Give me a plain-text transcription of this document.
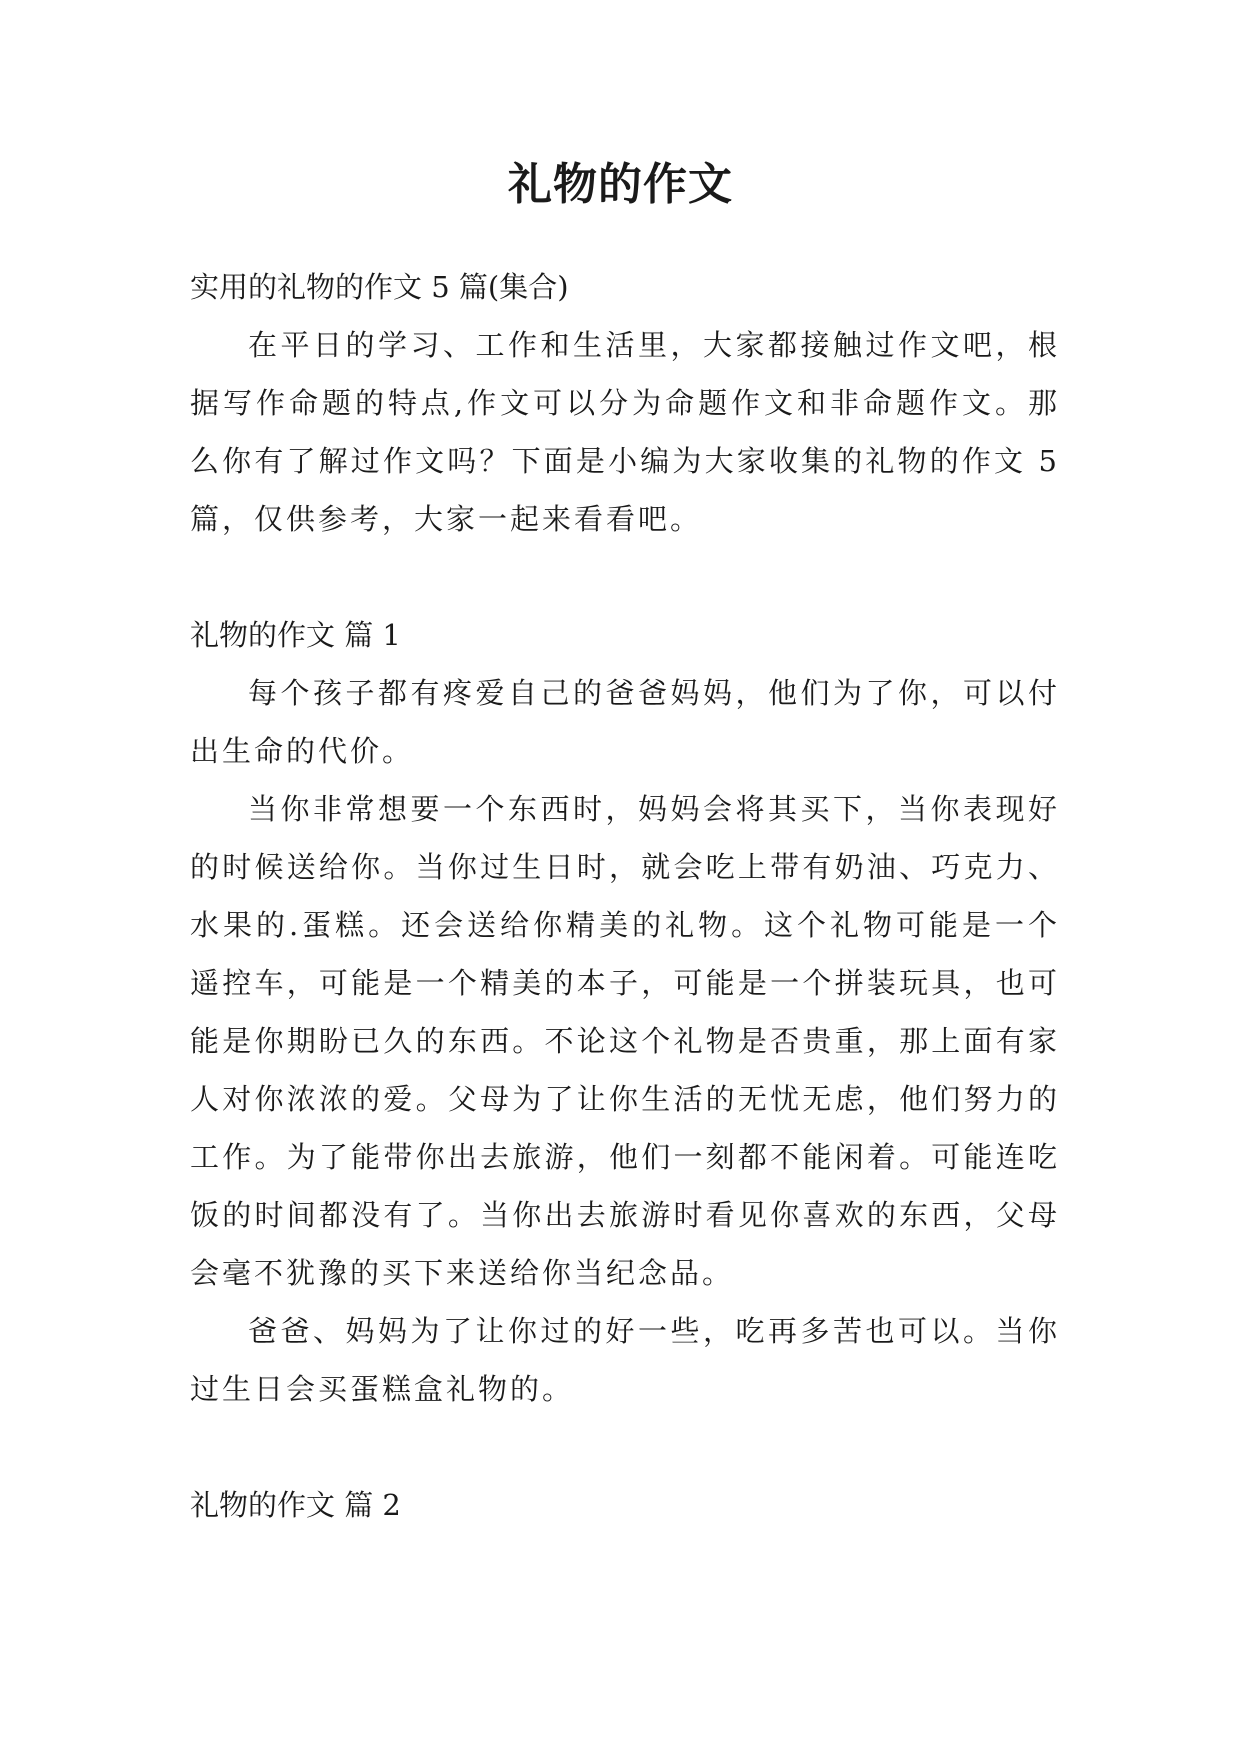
礼物的作文

实用的礼物的作文 5 篇(集合)

在平日的学习、工作和生活里，大家都接触过作文吧，根据写作命题的特点,作文可以分为命题作文和非命题作文。那么你有了解过作文吗？下面是小编为大家收集的礼物的作文 5 篇，仅供参考，大家一起来看看吧。

礼物的作文 篇 1

每个孩子都有疼爱自己的爸爸妈妈，他们为了你，可以付出生命的代价。

当你非常想要一个东西时，妈妈会将其买下，当你表现好的时候送给你。当你过生日时，就会吃上带有奶油、巧克力、水果的.蛋糕。还会送给你精美的礼物。这个礼物可能是一个遥控车，可能是一个精美的本子，可能是一个拼装玩具，也可能是你期盼已久的东西。不论这个礼物是否贵重，那上面有家人对你浓浓的爱。父母为了让你生活的无忧无虑，他们努力的工作。为了能带你出去旅游，他们一刻都不能闲着。可能连吃饭的时间都没有了。当你出去旅游时看见你喜欢的东西，父母会毫不犹豫的买下来送给你当纪念品。

爸爸、妈妈为了让你过的好一些，吃再多苦也可以。当你过生日会买蛋糕盒礼物的。

礼物的作文 篇 2
